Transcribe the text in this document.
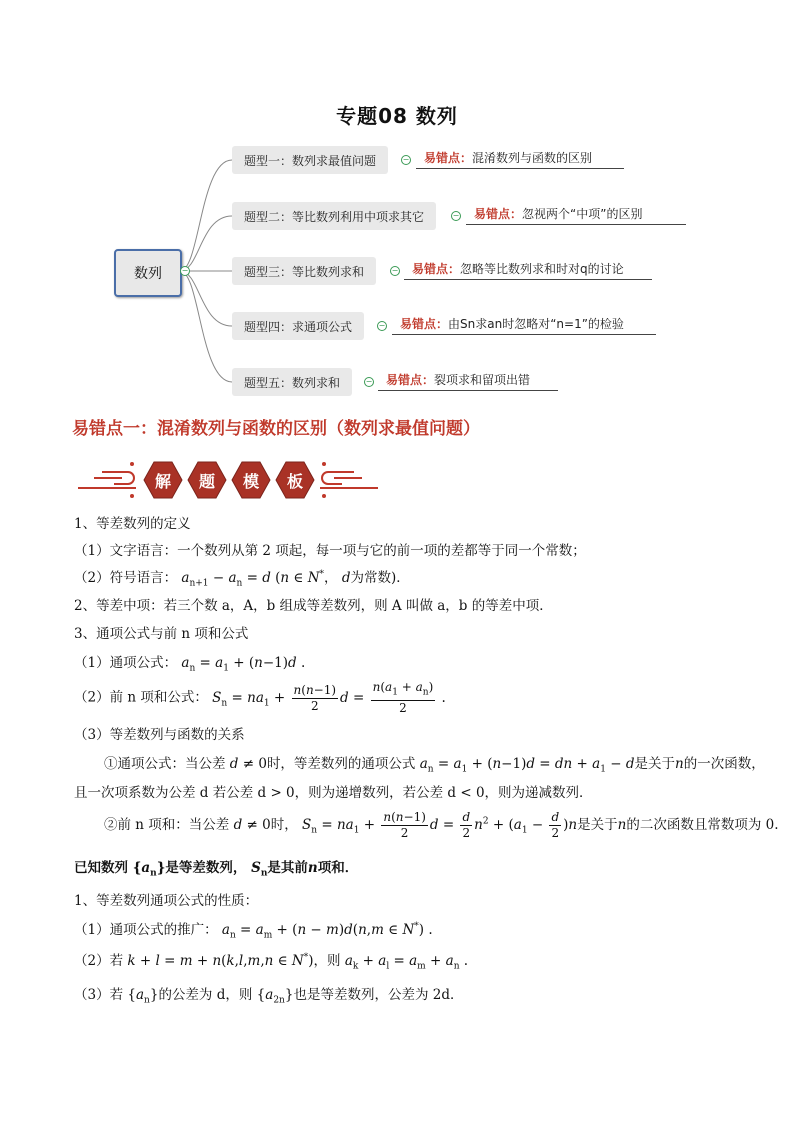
专题08 数列
数列	−
题型一：数列求最值问题	− 易错点： 混淆数列与函数的区别
题型二：等比数列利用中项求其它	− 易错点： 忽视两个“中项”的区别
题型三：等比数列求和	− 易错点： 忽略等比数列求和时对q的讨论
题型四：求通项公式	− 易错点： 由Sn求an时忽略对“n=1”的检验
题型五：数列求和	− 易错点： 裂项求和留项出错
易错点一：混淆数列与函数的区别（数列求最值问题）
解 题 模 板
1、等差数列的定义
（1）文字语言：一个数列从第 2 项起，每一项与它的前一项的差都等于同一个常数；
（2）符号语言： $a_{n+1} - a_n = d$ (n ∈ N*， d为常数)．
2、等差中项：若三个数 a，A，b 组成等差数列，则 A 叫做 a，b 的等差中项．
3、通项公式与前 n 项和公式
（1）通项公式： $a_n = a_1 + (n-1)d$ .
（2）前 n 项和公式： $S_n = na_1 + \frac{n(n-1)}{2}$ $d = \frac{n(a_1 + a_n)}{2}$ .
（3）等差数列与函数的关系
①通项公式：当公差 d ≠ 0时，等差数列的通项公式 $a_n = a_1 + (n-1)d$ = dn + $a_1 - d$是关于n的一次函数，
且一次项系数为公差 d 若公差 d > 0，则为递增数列，若公差 d < 0，则为递减数列．
②前 n 项和：当公差 d ≠ 0时， $S_n = na_1 + \frac{n(n-1)}{2}$ $d = \frac{d}{2} n^2 + (a_1 - \frac{d}{2} )n$是关于n的二次函数且常数项为 0.
已知数列 $\{a_n\}$是等差数列， $S_n$是其前n项和．
1、等差数列通项公式的性质：
（1）通项公式的推广： $a_n = a_m + (n - m)d(n,m$ ∈ N*) .
（2）若 k + l = m + n(k,l,m,n ∈ N*)，则 $a_k + a_l = a_m + a_n$ .
（3）若 $\{a_n\}$的公差为 d，则 $\{a_{2n}\}$也是等差数列，公差为 2d．
